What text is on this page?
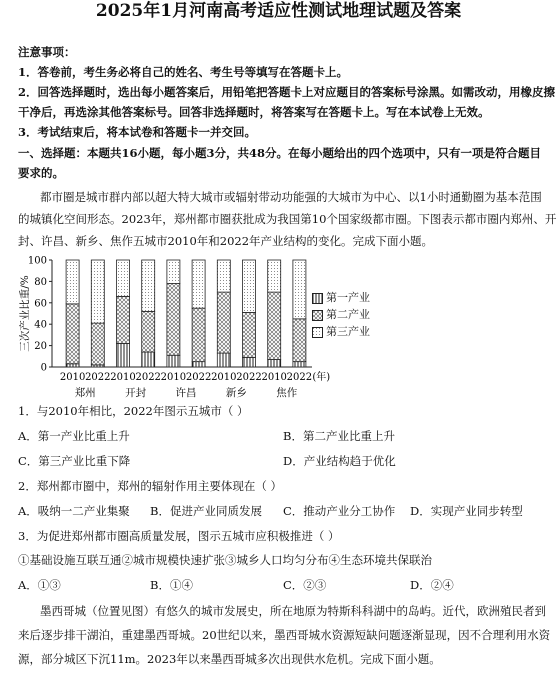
2025年1月河南高考适应性测试地理试题及答案
注意事项：
1．答卷前，考生务必将自己的姓名、考生号等填写在答题卡上。
2．回答选择题时，选出每小题答案后，用铅笔把答题卡上对应题目的答案标号涂黑。如需改动，用橡皮擦
干净后，再选涂其他答案标号。回答非选择题时，将答案写在答题卡上。写在本试卷上无效。
3．考试结束后，将本试卷和答题卡一并交回。
一、选择题：本题共16小题，每小题3分，共48分。在每小题给出的四个选项中，只有一项是符合题目
要求的。
都市圈是城市群内部以超大特大城市或辐射带动功能强的大城市为中心、以1小时通勤圈为基本范围
的城镇化空间形态。2023年，郑州都市圈获批成为我国第10个国家级都市圈。下图表示都市圈内郑州、开
封、许昌、新乡、焦作五城市2010年和2022年产业结构的变化。完成下面小题。
三次产业比重/%
0
20
40
60
80
100
2010 2022 2010 2022 2010 2022 2010 2022 2010 2022 (年)
郑州	开封	许昌	新乡	焦作
第一产业
第二产业
第三产业
1．与2010年相比，2022年图示五城市（ ）
A．第一产业比重上升	B．第二产业比重上升
C．第三产业比重下降	D．产业结构趋于优化
2．郑州都市圈中，郑州的辐射作用主要体现在（ ）
A．吸纳一二产业集聚 B．促进产业同质发展 C．推动产业分工协作 D．实现产业同步转型
3．为促进郑州都市圈高质量发展，图示五城市应积极推进（ ）
①基础设施互联互通②城市规模快速扩张③城乡人口均匀分布④生态环境共保联治
A．①③	B．①④	C．②③	D．②④
墨西哥城（位置见图）有悠久的城市发展史，所在地原为特斯科科湖中的岛屿。近代，欧洲殖民者到
来后逐步排干湖泊，重建墨西哥城。20世纪以来，墨西哥城水资源短缺问题逐渐显现，因不合理利用水资
源，部分城区下沉11m。2023年以来墨西哥城多次出现供水危机。完成下面小题。
